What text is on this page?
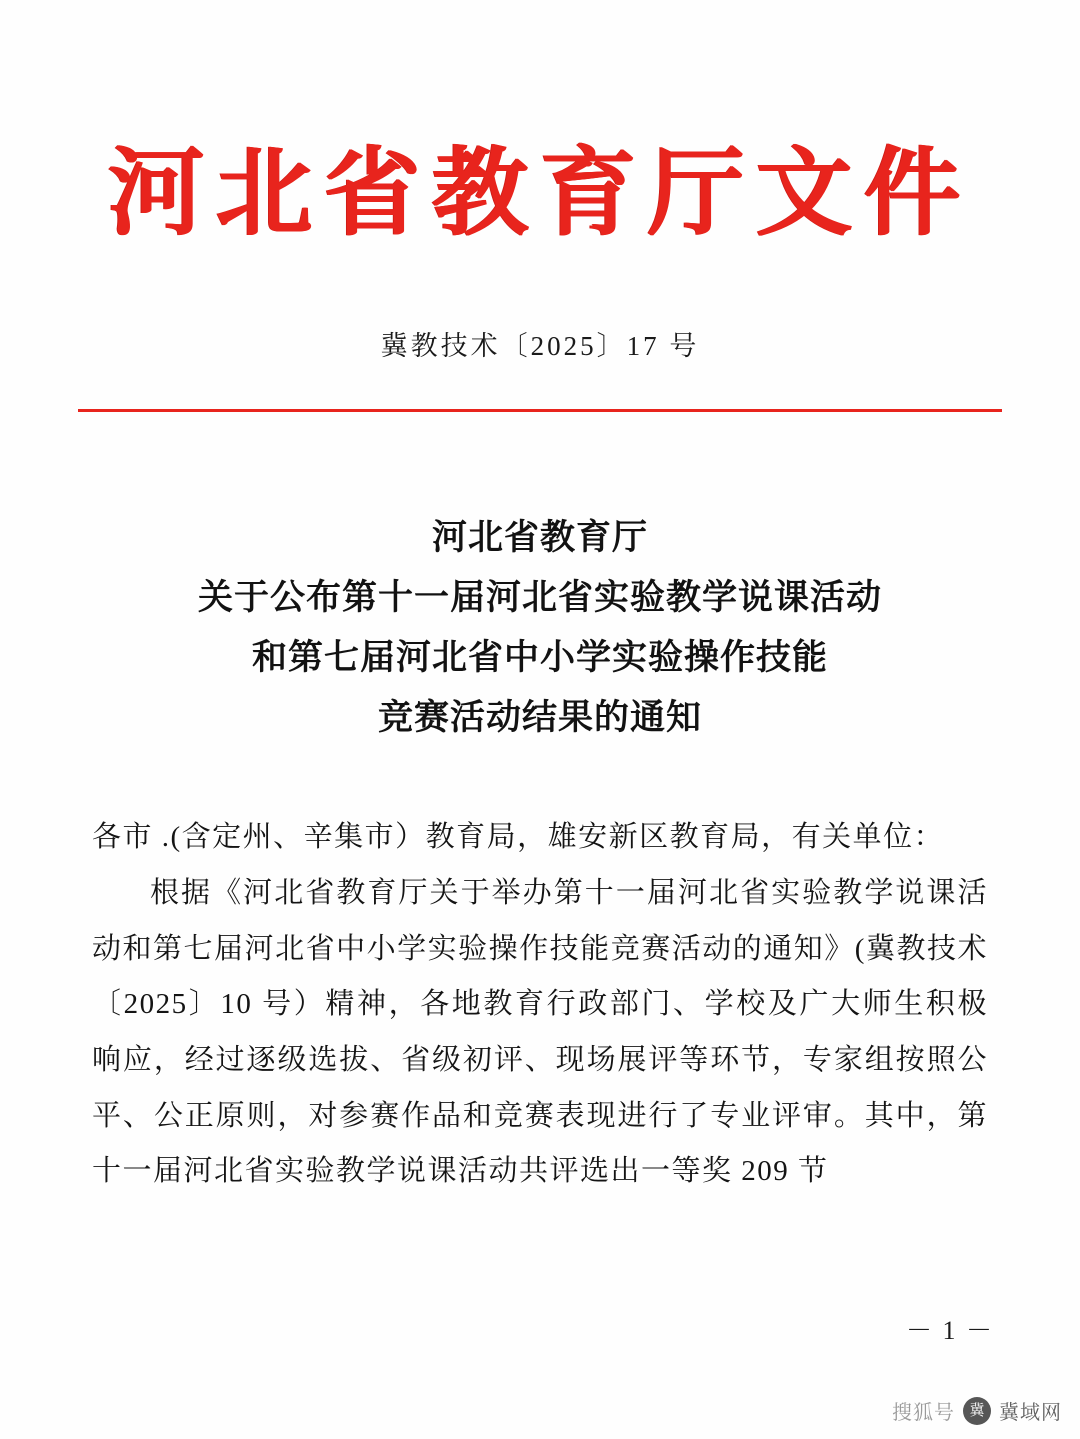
河北省教育厅文件
冀教技术〔2025〕17 号
河北省教育厅
关于公布第十一届河北省实验教学说课活动
和第七届河北省中小学实验操作技能
竞赛活动结果的通知

各市 .(含定州、辛集市）教育局，雄安新区教育局，有关单位：

根据《河北省教育厅关于举办第十一届河北省实验教学说课活动和第七届河北省中小学实验操作技能竞赛活动的通知》(冀教技术〔2025〕10 号）精神，各地教育行政部门、学校及广大师生积极响应，经过逐级选拔、省级初评、现场展评等环节，专家组按照公平、公正原则，对参赛作品和竞赛表现进行了专业评审。其中，第十一届河北省实验教学说课活动共评选出一等奖 209 节

－ 1 －
搜狐号 冀 冀域网
